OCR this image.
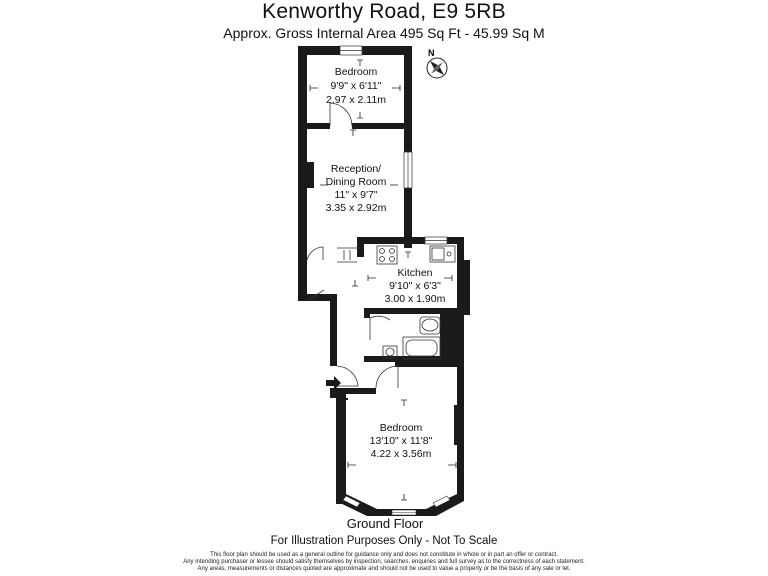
Kenworthy Road, E9 5RB
Approx. Gross Internal Area 495 Sq Ft - 45.99 Sq M
N
Bedroom
9'9" x 6'11"
2.97 x 2.11m
Reception/
Dining Room
11" x 9'7"
3.35 x 2.92m
Kitchen
9'10" x 6'3"
3.00 x 1.90m
Bedroom
13'10" x 11'8"
4.22 x 3.56m
Ground Floor
For Illustration Purposes Only - Not To Scale
This floor plan should be used as a general outline for guidance only and does not constitute in whole or in part an offer or contract.
Any intending purchaser or lessee should satisfy themselves by inspection, searches, enquiries and full survey as to the correctness of each statement.
Any areas, measurements or distances quoted are approximate and should not be used to value a property or be the basis of any sale or let.
